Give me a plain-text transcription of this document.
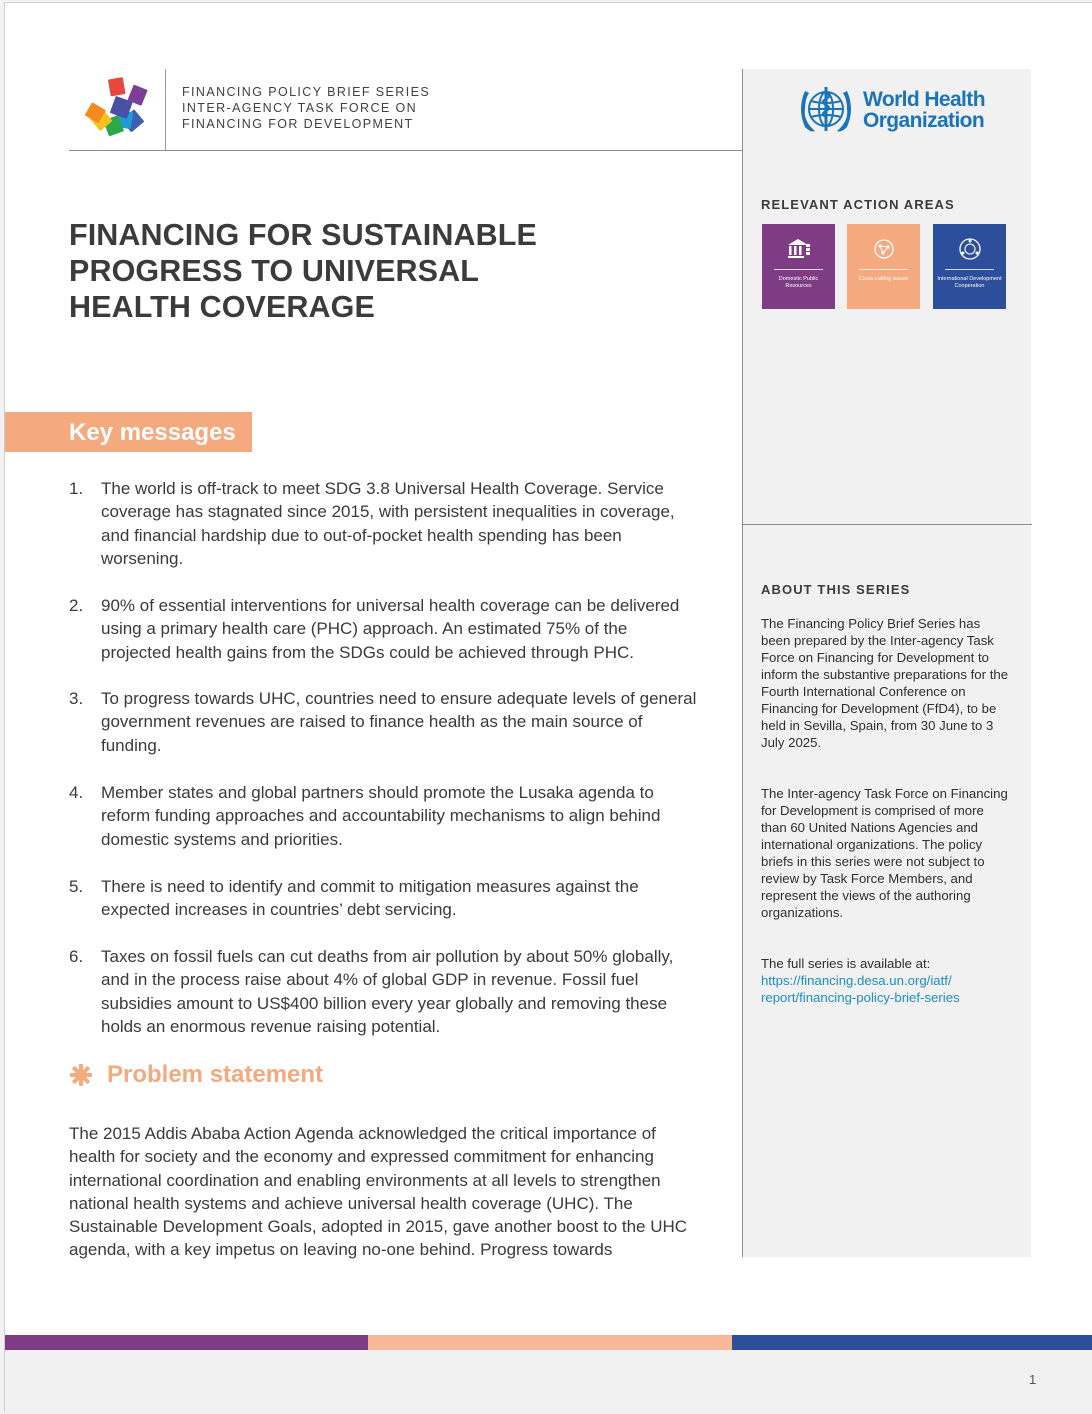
FINANCING POLICY BRIEF SERIES
INTER-AGENCY TASK FORCE ON
FINANCING FOR DEVELOPMENT
World Health
Organization
RELEVANT ACTION AREAS
Domestic Public Resources
Cross-cutting issues	International Development Cooperation
ABOUT THIS SERIES

The Financing Policy Brief Series has been prepared by the Inter-agency Task Force on Financing for Development to inform the substantive preparations for the Fourth International Conference on Financing for Development (FfD4), to be held in Sevilla, Spain, from 30 June to 3 July 2025.

The Inter-agency Task Force on Financing for Development is comprised of more than 60 United Nations Agencies and international organizations. The policy briefs in this series were not subject to review by Task Force Members, and represent the views of the authoring organizations.

The full series is available at:
https://financing.desa.un.org/iatf/
report/financing-policy-brief-series
FINANCING FOR SUSTAINABLE
PROGRESS TO UNIVERSAL
HEALTH COVERAGE
Key messages
1. The world is off-track to meet SDG 3.8 Universal Health Coverage. Service coverage has stagnated since 2015, with persistent inequalities in coverage, and financial hardship due to out-of-pocket health spending has been worsening.
2. 90% of essential interventions for universal health coverage can be delivered using a primary health care (PHC) approach. An estimated 75% of the projected health gains from the SDGs could be achieved through PHC.
3. To progress towards UHC, countries need to ensure adequate levels of general government revenues are raised to finance health as the main source of funding.
4. Member states and global partners should promote the Lusaka agenda to reform funding approaches and accountability mechanisms to align behind domestic systems and priorities.
5. There is need to identify and commit to mitigation measures against the expected increases in countries’ debt servicing.
6. Taxes on fossil fuels can cut deaths from air pollution by about 50% globally, and in the process raise about 4% of global GDP in revenue. Fossil fuel subsidies amount to US$400 billion every year globally and removing these holds an enormous revenue raising potential.
Problem statement

The 2015 Addis Ababa Action Agenda acknowledged the critical importance of health for society and the economy and expressed commitment for enhancing international coordination and enabling environments at all levels to strengthen national health systems and achieve universal health coverage (UHC). The Sustainable Development Goals, adopted in 2015, gave another boost to the UHC agenda, with a key impetus on leaving no-one behind. Progress towards

1
